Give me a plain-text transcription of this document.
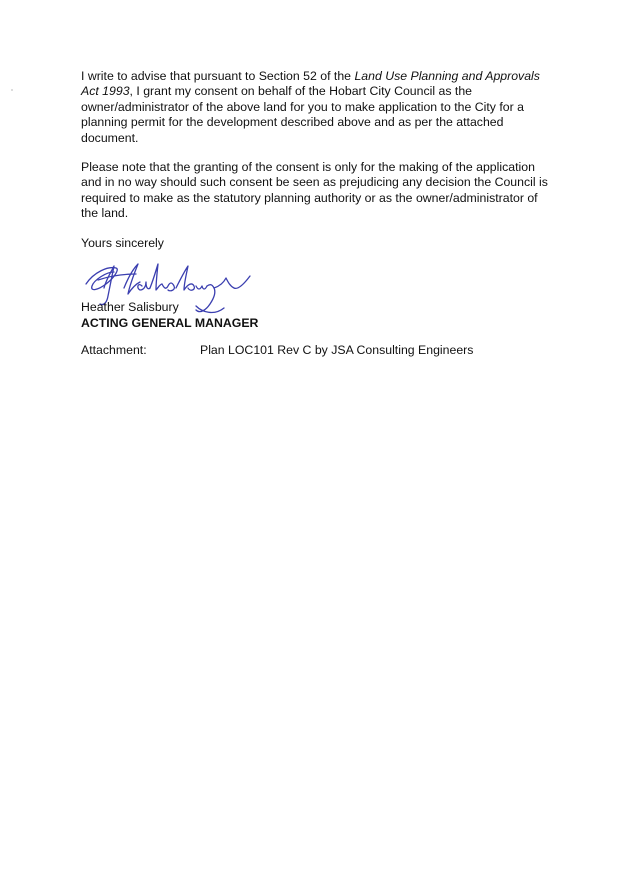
I write to advise that pursuant to Section 52 of the Land Use Planning and Approvals Act 1993, I grant my consent on behalf of the Hobart City Council as the owner/administrator of the above land for you to make application to the City for a planning permit for the development described above and as per the attached document.

Please note that the granting of the consent is only for the making of the application and in no way should such consent be seen as prejudicing any decision the Council is required to make as the statutory planning authority or as the owner/administrator of the land.

Yours sincerely

Heather Salisbury
ACTING GENERAL MANAGER
Attachment:	Plan LOC101 Rev C by JSA Consulting Engineers
